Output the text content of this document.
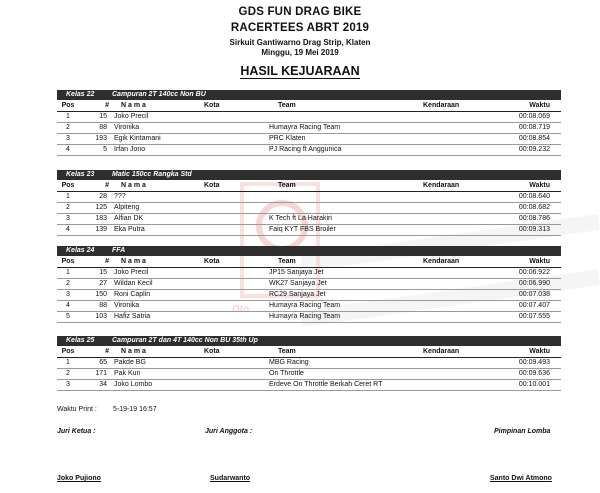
GDS FUN DRAG BIKE
RACERTEES ABRT 2019
Sirkuit Gantiwarno Drag Strip, Klaten
Minggu, 19 Mei 2019
HASIL KEJUARAAN
Oto
Kelas 22	Campuran 2T 140cc Non BU
Pos	# N a m a	Kota	Team	Kendaraan	Waktu
1	15 Joko Precil	00:08.069
2	88 Vironika	Humayra Racing Team	00:08.719
3	193 Egik Kintamani	PRC Klaten	00:08.854
4	5 Irfan Jono	PJ Racing ft Anggunica	00:09.232
Kelas 23	Matic 150cc Rangka Std
Pos	# N a m a	Kota	Team	Kendaraan	Waktu
1	28 ???	00:08.640
2	125 Alpiteng	00:08.682
3	183 Alfian DK	K Tech ft La Harakiri	00:08.786
4	139 Eka Putra	Faiq KYT FBS Broiler	00:09.313
Kelas 24	FFA
Pos	# N a m a	Kota	Team	Kendaraan	Waktu
1	15 Joko Precil	JP15 Sanjaya Jet	00:06.922
2	27 Wildan Kecil	WK27 Sanjaya Jet	00:06.990
3	150 Roni Caplin	RC29 Sanjaya Jet	00:07.038
4	88 Vironika	Humayra Racing Team	00:07.407
5	103 Hafiz Satria	Humayra Racing Team	00:07.555
Kelas 25	Campuran 2T dan 4T 140cc Non BU 35th Up
Pos	# N a m a	Kota	Team	Kendaraan	Waktu
1	65 Pakde BG	MBG Racing	00:09.493
2	171 Pak Kun	On Throttle	00:09.636
3	34 Joko Lombo	Erdeve On Throttle Berkah Ceret RT	00:10.001
Waktu Print : 5-19-19 16:57
Juri Ketua :	Juri Anggota :	Pimpinan Lomba
Joko Pujiono	Sudarwanto	Santo Dwi Atmono
